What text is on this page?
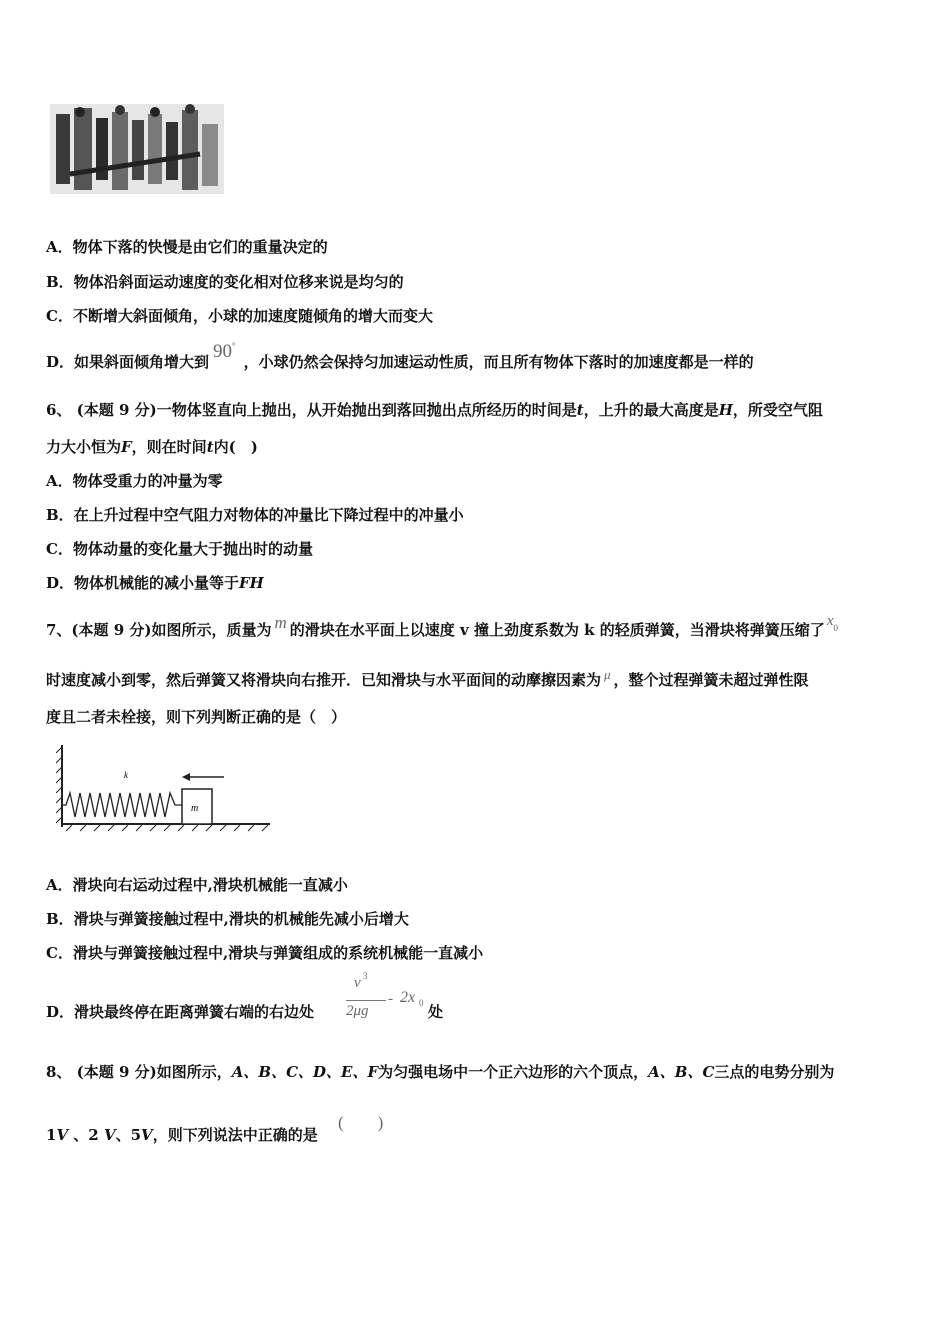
A．物体下落的快慢是由它们的重量决定的
B．物体沿斜面运动速度的变化相对位移来说是均匀的
C．不断增大斜面倾角，小球的加速度随倾角的增大而变大
D．如果斜面倾角增大到 90°，小球仍然会保持匀加速运动性质，而且所有物体下落时的加速度都是一样的
6、 (本题 9 分)一物体竖直向上抛出，从开始抛出到落回抛出点所经历的时间是t，上升的最大高度是H，所受空气阻
力大小恒为F，则在时间t内(　)
A．物体受重力的冲量为零
B．在上升过程中空气阻力对物体的冲量比下降过程中的冲量小
C．物体动量的变化量大于抛出时的动量
D．物体机械能的减小量等于FH
7、(本题 9 分)如图所示，质量为 m 的滑块在水平面上以速度 v 撞上劲度系数为 k 的轻质弹簧，当滑块将弹簧压缩了 $x^0$
时速度减小到零，然后弹簧又将滑块向右推开．已知滑块与水平面间的动摩擦因素为 μ ，整个过程弹簧未超过弹性限
度且二者未栓接，则下列判断正确的是（　）
m
k
A．滑块向右运动过程中,滑块机械能一直减小
B．滑块与弹簧接触过程中,滑块的机械能先减小后增大
C．滑块与弹簧接触过程中,滑块与弹簧组成的系统机械能一直减小
D．滑块最终停在距离弹簧右端的右边处
v 3
2μg
- 2x 0 处
8、 (本题 9 分)如图所示，A、B、C、D、E、F为匀强电场中一个正六边形的六个顶点，A、B、C三点的电势分别为
1V 、2 V、5V，则下列说法中正确的是
(　　)
